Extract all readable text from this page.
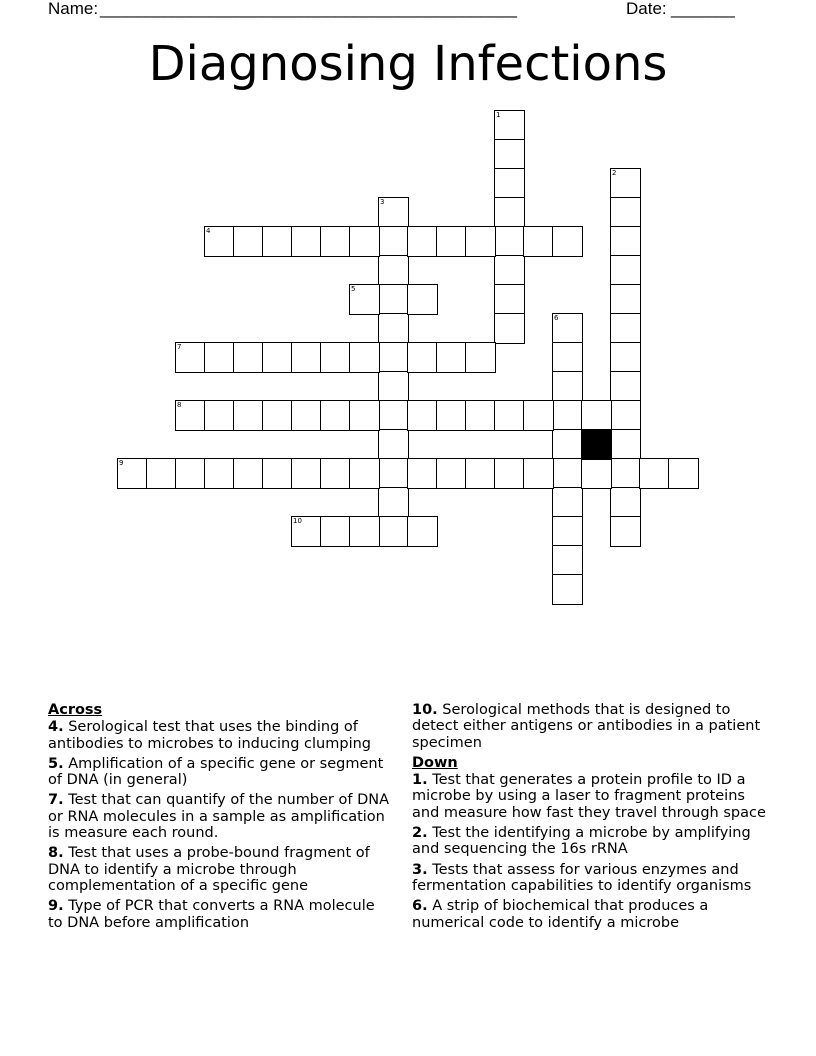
Name: ______________________________________________	Date: _______
Diagnosing Infections
1
2
3
4
5
6
7
8
9
10
Across
4. Serological test that uses the binding of antibodies to microbes to inducing clumping
5. Amplification of a specific gene or segment of DNA (in general)
7. Test that can quantify of the number of DNA or RNA molecules in a sample as amplification is measure each round.
8. Test that uses a probe-bound fragment of DNA to identify a microbe through complementation of a specific gene
9. Type of PCR that converts a RNA molecule to DNA before amplification
10. Serological methods that is designed to detect either antigens or antibodies in a patient specimen
Down
1. Test that generates a protein profile to ID a microbe by using a laser to fragment proteins and measure how fast they travel through space
2. Test the identifying a microbe by amplifying and sequencing the 16s rRNA
3. Tests that assess for various enzymes and fermentation capabilities to identify organisms
6. A strip of biochemical that produces a numerical code to identify a microbe
